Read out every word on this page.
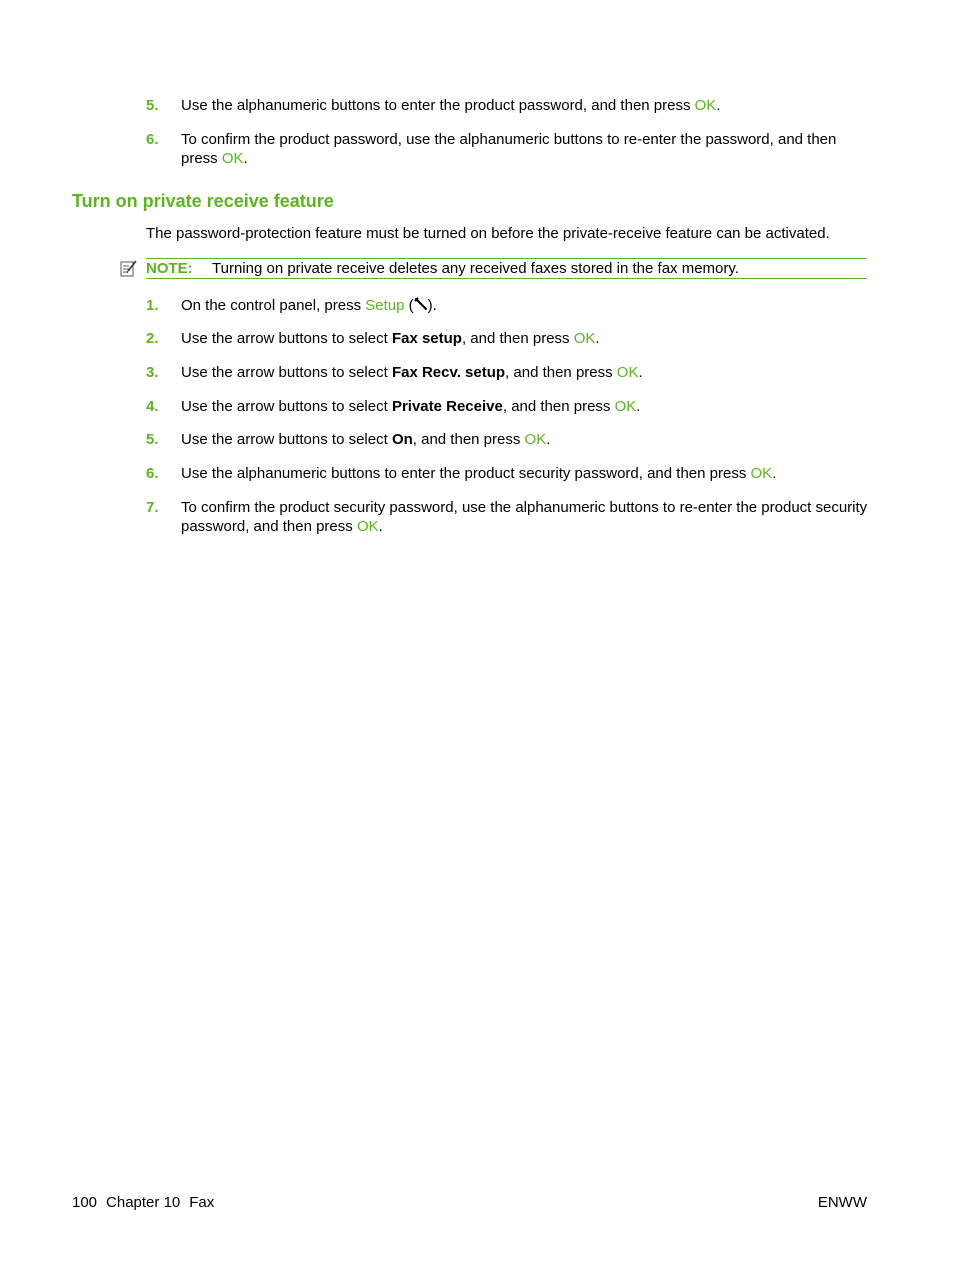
5. Use the alphanumeric buttons to enter the product password, and then press OK.
6. To confirm the product password, use the alphanumeric buttons to re-enter the password, and then press OK.
Turn on private receive feature
The password-protection feature must be turned on before the private-receive feature can be activated.
NOTE: Turning on private receive deletes any received faxes stored in the fax memory.
1. On the control panel, press Setup ( ).
2. Use the arrow buttons to select Fax setup, and then press OK.
3. Use the arrow buttons to select Fax Recv. setup, and then press OK.
4. Use the arrow buttons to select Private Receive, and then press OK.
5. Use the arrow buttons to select On, and then press OK.
6. Use the alphanumeric buttons to enter the product security password, and then press OK.
7. To confirm the product security password, use the alphanumeric buttons to re-enter the product security password, and then press OK.
100 Chapter 10 Fax	ENWW
